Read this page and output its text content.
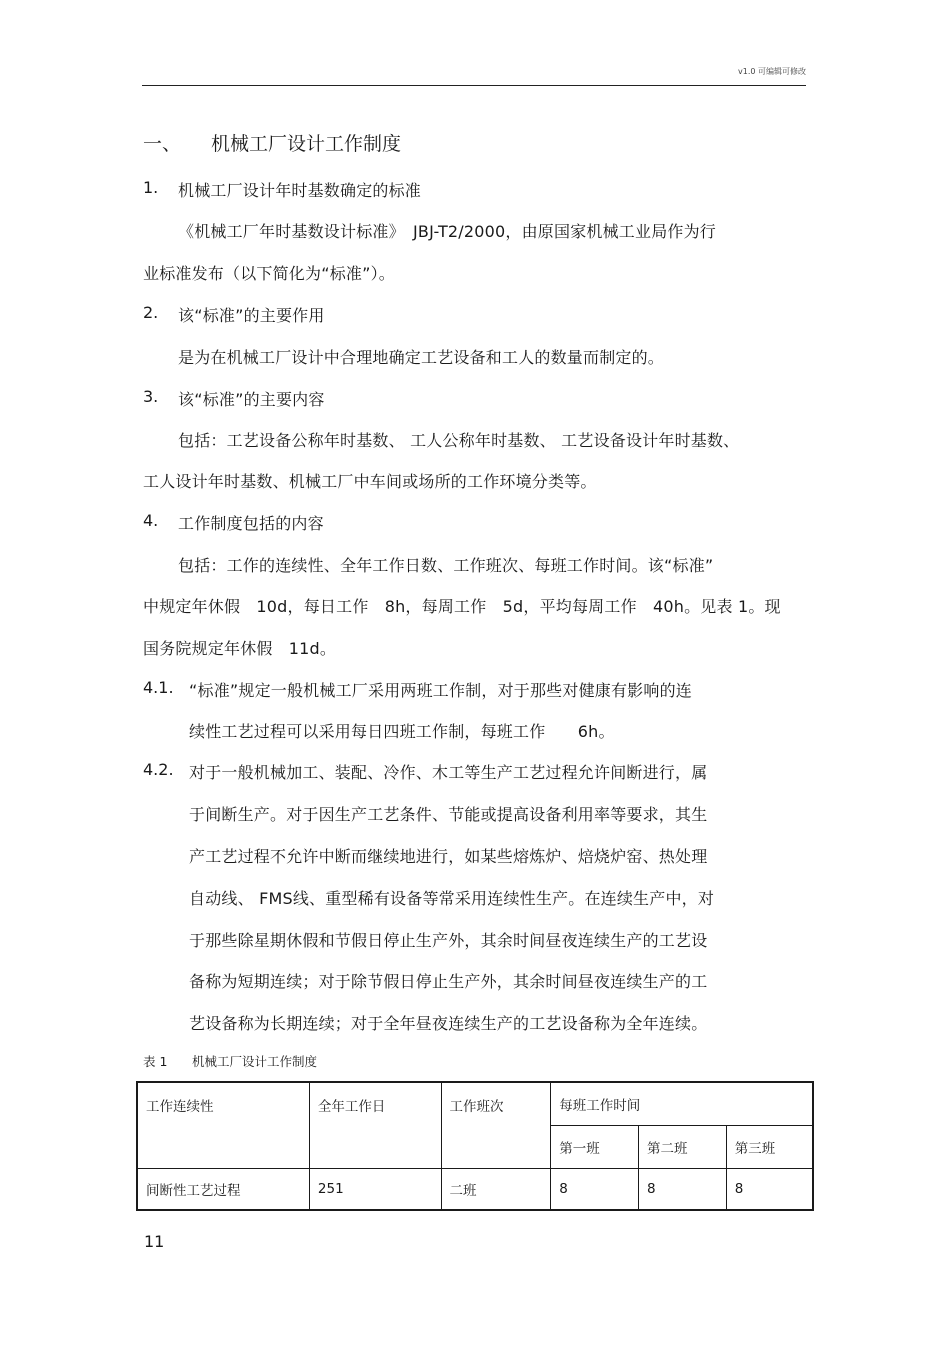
v1.0 可编辑可修改
一、 机械工厂设计工作制度
1. 机械工厂设计年时基数确定的标准
《机械工厂年时基数设计标准》　JBJ-T2/2000，由原国家机械工业局作为行
业标准发布（以下简化为“标准”）。
2. 该“标准”的主要作用
是为在机械工厂设计中合理地确定工艺设备和工人的数量而制定的。
3. 该“标准”的主要内容
包括：工艺设备公称年时基数、 工人公称年时基数、 工艺设备设计年时基数、
工人设计年时基数、机械工厂中车间或场所的工作环境分类等。
4. 工作制度包括的内容
包括：工作的连续性、全年工作日数、工作班次、每班工作时间。该“标准”
中规定年休假　10d，每日工作　8h，每周工作　5d，平均每周工作　40h。见表 1。现
国务院规定年休假　11d。
4.1. “标准”规定一般机械工厂采用两班工作制，对于那些对健康有影响的连
续性工艺过程可以采用每日四班工作制，每班工作　　6h。
4.2. 对于一般机械加工、装配、冷作、木工等生产工艺过程允许间断进行，属
于间断生产。对于因生产工艺条件、节能或提高设备利用率等要求，其生
产工艺过程不允许中断而继续地进行，如某些熔炼炉、焙烧炉窑、热处理
自动线、 FMS线、重型稀有设备等常采用连续性生产。在连续生产中，对
于那些除星期休假和节假日停止生产外，其余时间昼夜连续生产的工艺设
备称为短期连续；对于除节假日停止生产外，其余时间昼夜连续生产的工
艺设备称为长期连续；对于全年昼夜连续生产的工艺设备称为全年连续。
表 1 机械工厂设计工作制度
工作连续性	全年工作日	工作班次	每班工作时间		
			第一班	第二班	第三班
间断性工艺过程	251	二班	8	8	8
11
